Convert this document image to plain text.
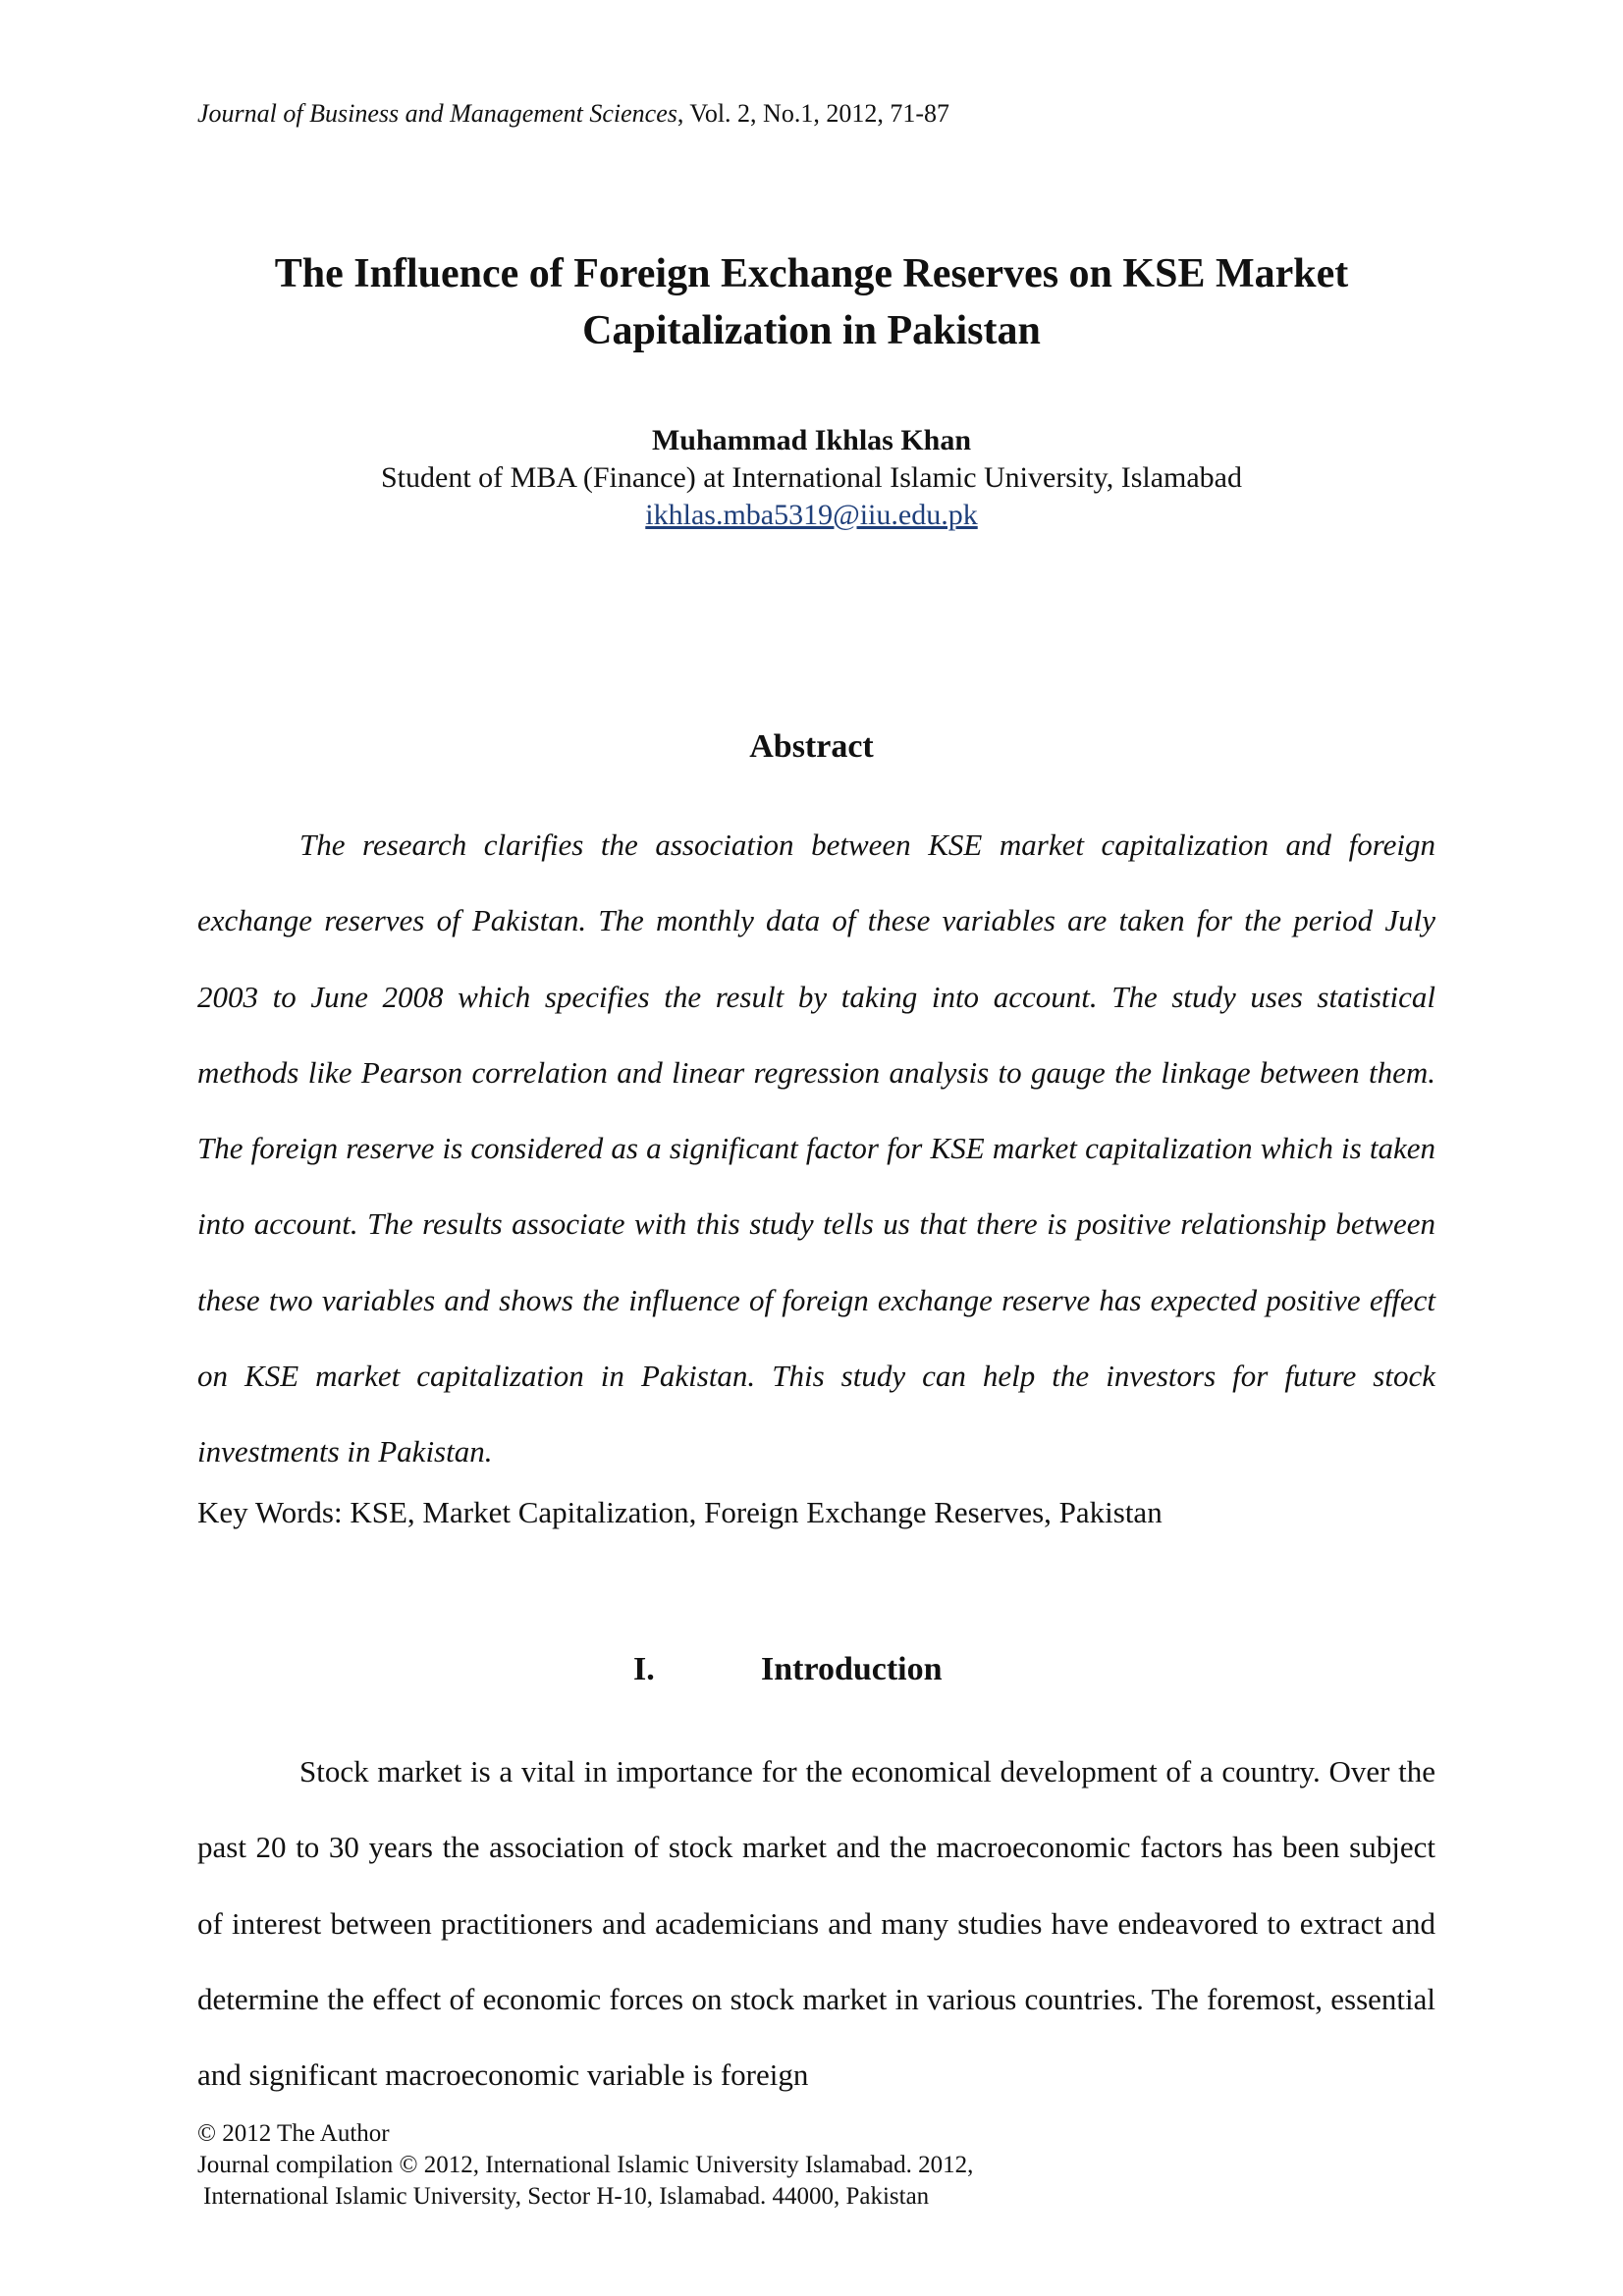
Journal of Business and Management Sciences, Vol. 2, No.1, 2012, 71-87
The Influence of Foreign Exchange Reserves on KSE Market
Capitalization in Pakistan
Muhammad Ikhlas Khan
Student of MBA (Finance) at International Islamic University, Islamabad
ikhlas.mba5319@iiu.edu.pk
Abstract
The research clarifies the association between KSE market capitalization and foreign exchange reserves of Pakistan. The monthly data of these variables are taken for the period July 2003 to June 2008 which specifies the result by taking into account. The study uses statistical methods like Pearson correlation and linear regression analysis to gauge the linkage between them. The foreign reserve is considered as a significant factor for KSE market capitalization which is taken into account. The results associate with this study tells us that there is positive relationship between these two variables and shows the influence of foreign exchange reserve has expected positive effect on KSE market capitalization in Pakistan. This study can help the investors for future stock investments in Pakistan.
Key Words: KSE, Market Capitalization, Foreign Exchange Reserves, Pakistan
I.	Introduction
Stock market is a vital in importance for the economical development of a country. Over the past 20 to 30 years the association of stock market and the macroeconomic factors has been subject of interest between practitioners and academicians and many studies have endeavored to extract and determine the effect of economic forces on stock market in various countries. The foremost, essential and significant macroeconomic variable is foreign
© 2012 The Author
Journal compilation © 2012, International Islamic University Islamabad. 2012,
International Islamic University, Sector H-10, Islamabad. 44000, Pakistan
